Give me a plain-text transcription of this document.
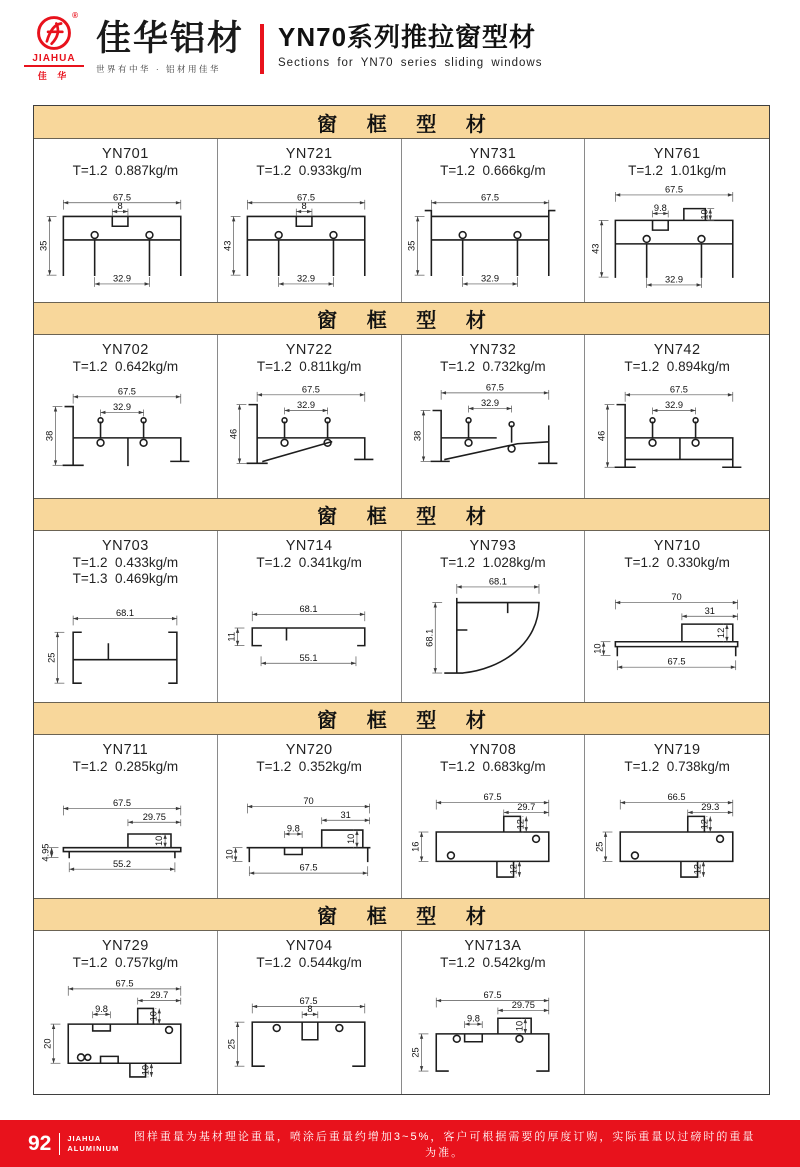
®
JIAHUA
佳 华
佳华铝材
世界有中华 · 铝材用佳华
YN70系列推拉窗型材
Sections for YN70 series sliding windows
窗 框 型 材
YN701
T=1.2  0.887kg/m
67.5
8
35
32.9
YN721
T=1.2  0.933kg/m
67.5
8
43
32.9
YN731
T=1.2  0.666kg/m
67.5
35
32.9
YN761
T=1.2  1.01kg/m
67.5
9.8
10
43
32.9
窗 框 型 材
YN702
T=1.2  0.642kg/m
67.5
32.9
38
YN722
T=1.2  0.811kg/m
67.5
32.9
46
YN732
T=1.2  0.732kg/m
67.5
32.9
38
YN742
T=1.2  0.894kg/m
67.5
32.9
46
窗 框 型 材
YN703
T=1.2  0.433kg/m
T=1.3  0.469kg/m
68.1
25
YN714
T=1.2  0.341kg/m
68.1
11
55.1
YN793
T=1.2  1.028kg/m
68.1
68.1
YN710
T=1.2  0.330kg/m
70
31
12
10
67.5
窗 框 型 材
YN711
T=1.2  0.285kg/m
67.5
29.75
10
4.95
55.2
YN720
T=1.2  0.352kg/m
70
31
9.8
10
10
67.5
YN708
T=1.2  0.683kg/m
67.5
29.7
12
16
12
YN719
T=1.2  0.738kg/m
66.5
29.3
12
25
12
窗 框 型 材
YN729
T=1.2  0.757kg/m
67.5
29.7
9.8
10
20
10
YN704
T=1.2  0.544kg/m
67.5
8
25
YN713A
T=1.2  0.542kg/m
67.5
29.75
9.8
10
25
92 JIAHUA
ALUMINIUM
图样重量为基材理论重量，喷涂后重量约增加3~5%，客户可根据需要的厚度订购，实际重量以过磅时的重量为准。
